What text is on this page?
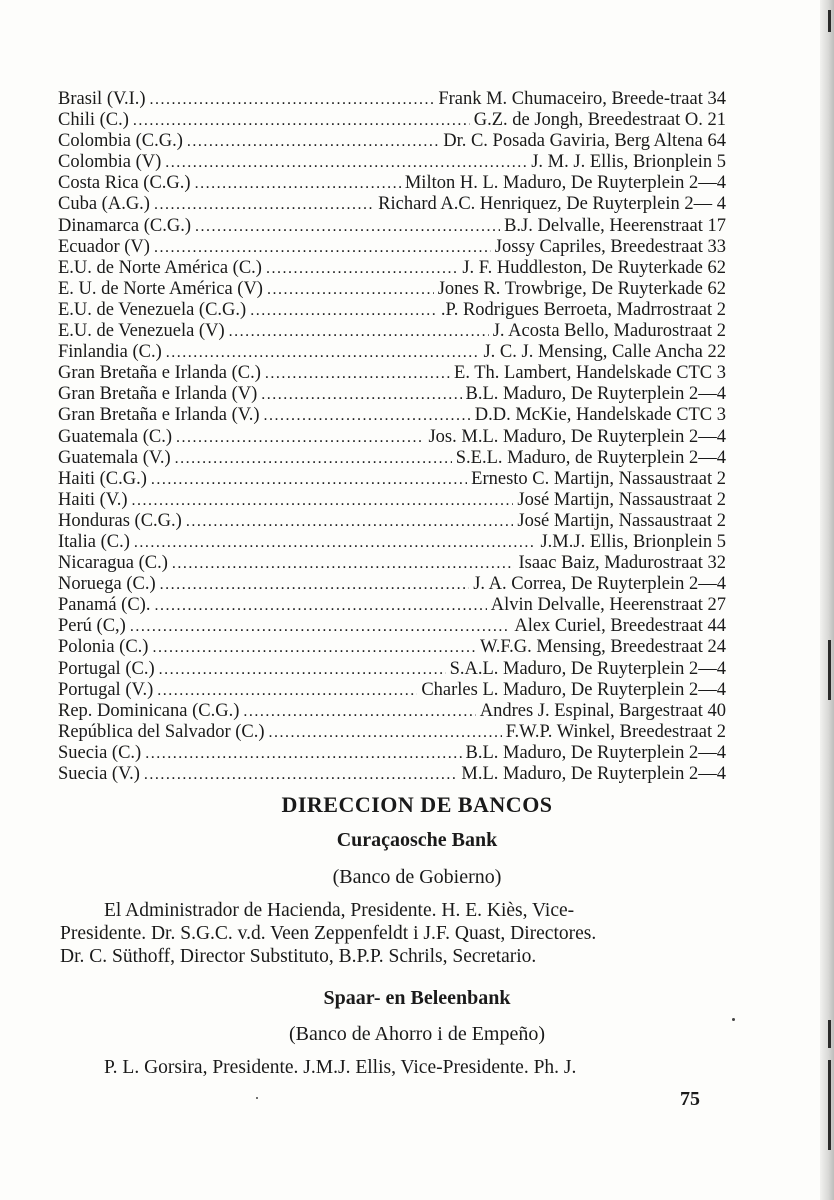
Brasil (V.I.) .....	Frank M. Chumaceiro, Breede-traat 34
Chili (C.) .....	G.Z. de Jongh, Breedestraat O. 21
Colombia (C.G.) .....	Dr. C. Posada Gaviria, Berg Altena 64
Colombia (V) .....	J. M. J. Ellis, Brionplein 5
Costa Rica (C.G.) .....	Milton H. L. Maduro, De Ruyterplein 2—4
Cuba (A.G.) .....	Richard A.C. Henriquez, De Ruyterplein 2— 4
Dinamarca (C.G.) .....	B.J. Delvalle, Heerenstraat 17
Ecuador (V) .....	Jossy Capriles, Breedestraat 33
E.U. de Norte América (C.) .....	J. F. Huddleston, De Ruyterkade 62
E. U. de Norte América (V) .....	Jones R. Trowbrige, De Ruyterkade 62
E.U. de Venezuela (C.G.) .....	.P. Rodrigues Berroeta, Madrrostraat 2
E.U. de Venezuela (V) .....	J. Acosta Bello, Madurostraat 2
Finlandia (C.) .....	J. C. J. Mensing, Calle Ancha 22
Gran Bretaña e Irlanda (C.) .....	E. Th. Lambert, Handelskade CTC 3
Gran Bretaña e Irlanda (V) .....	B.L. Maduro, De Ruyterplein 2—4
Gran Bretaña e Irlanda (V.) .....	D.D. McKie, Handelskade CTC 3
Guatemala (C.) .....	Jos. M.L. Maduro, De Ruyterplein 2—4
Guatemala (V.) .....	S.E.L. Maduro, de Ruyterplein 2—4
Haiti (C.G.) .....	Ernesto C. Martijn, Nassaustraat 2
Haiti (V.) .....	José Martijn, Nassaustraat 2
Honduras (C.G.) .....	José Martijn, Nassaustraat 2
Italia (C.) .....	J.M.J. Ellis, Brionplein 5
Nicaragua (C.) .....	Isaac Baiz, Madurostraat 32
Noruega (C.) .....	J. A. Correa, De Ruyterplein 2—4
Panamá (C). .....	Alvin Delvalle, Heerenstraat 27
Perú (C,) .....	Alex Curiel, Breedestraat 44
Polonia (C.) .....	W.F.G. Mensing, Breedestraat 24
Portugal (C.) .....	S.A.L. Maduro, De Ruyterplein 2—4
Portugal (V.) .....	Charles L. Maduro, De Ruyterplein 2—4
Rep. Dominicana (C.G.) .....	Andres J. Espinal, Bargestraat 40
República del Salvador (C.) .....	F.W.P. Winkel, Breedestraat 2
Suecia (C.) .....	B.L. Maduro, De Ruyterplein 2—4
Suecia (V.) .....	M.L. Maduro, De Ruyterplein 2—4
DIRECCION DE BANCOS
Curaçaosche Bank
(Banco de Gobierno)
El Administrador de Hacienda, Presidente. H. E. Kiès, Vice-
Presidente. Dr. S.G.C. v.d. Veen Zeppenfeldt i J.F. Quast, Directores.
Dr. C. Süthoff, Director Substituto, B.P.P. Schrils, Secretario.
Spaar- en Beleenbank
(Banco de Ahorro i de Empeño)
P. L. Gorsira, Presidente. J.M.J. Ellis, Vice-Presidente. Ph. J.
75
